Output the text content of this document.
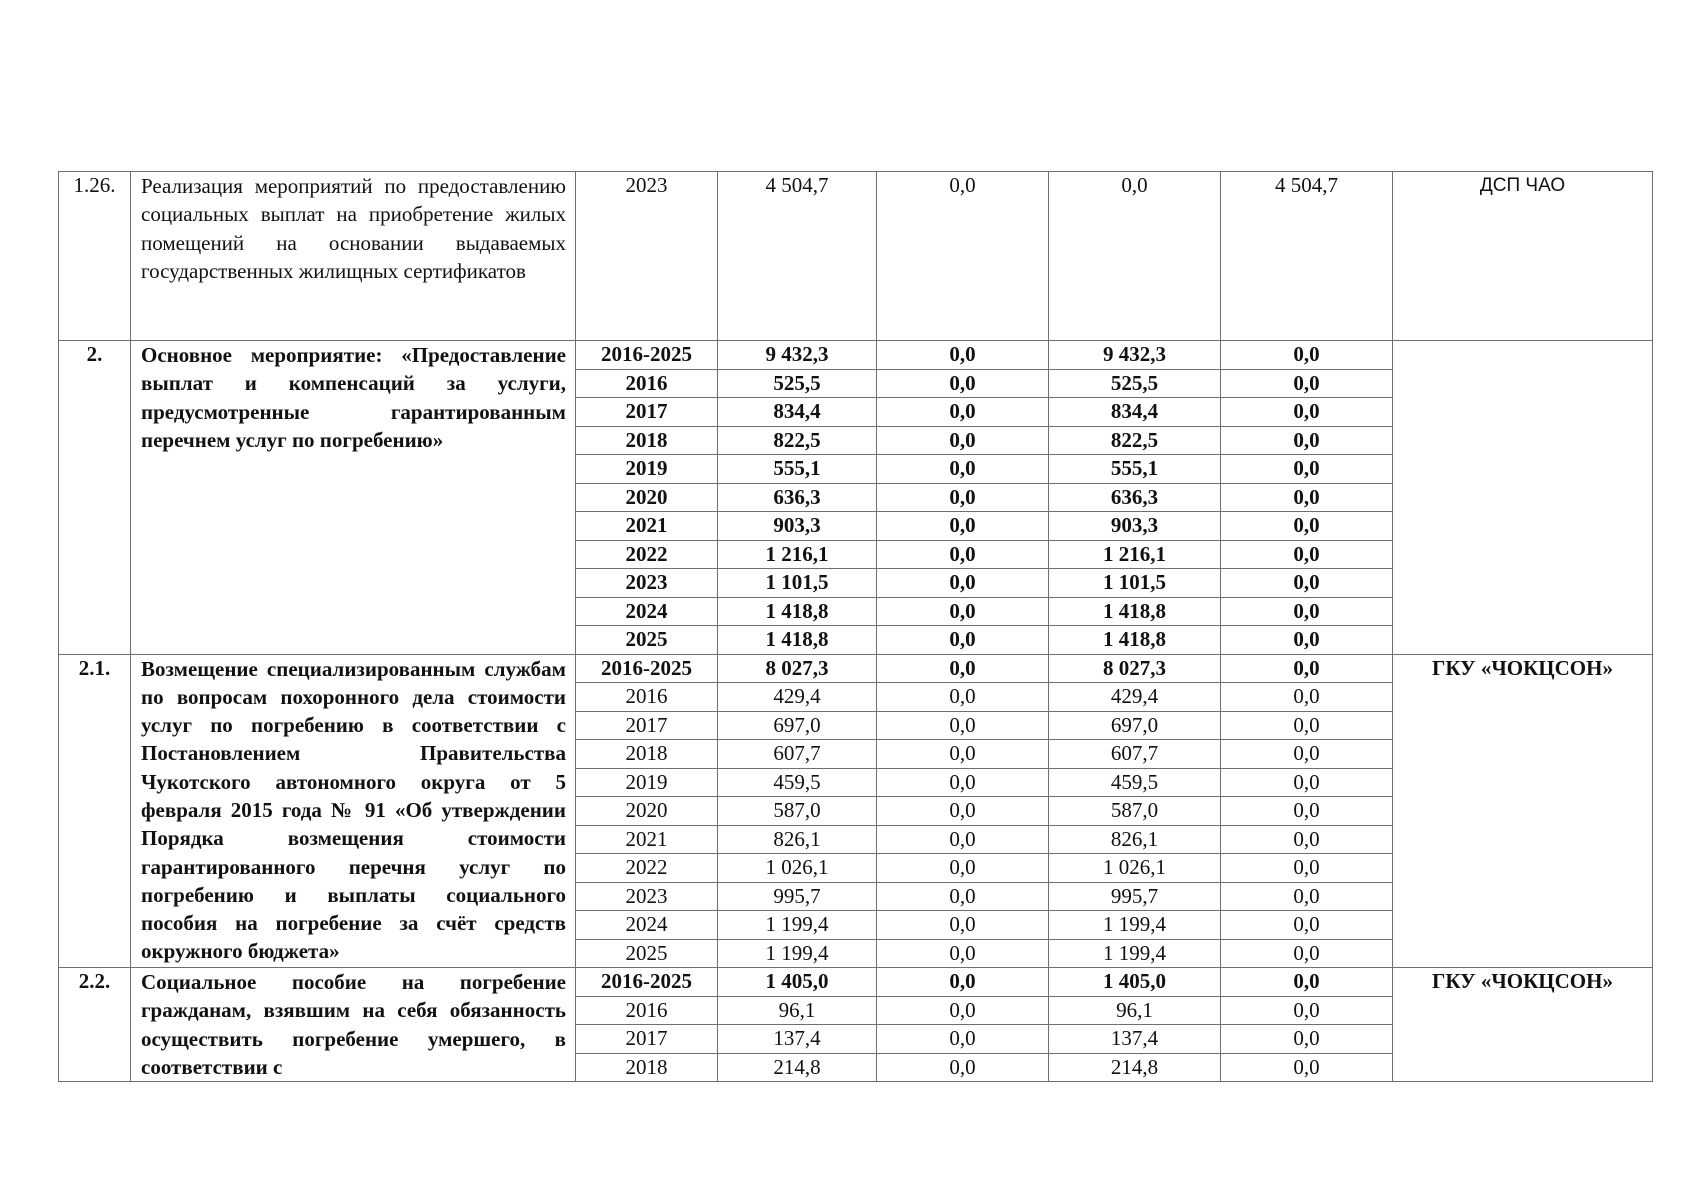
1.26.	Реализация мероприятий по предоставлению социальных выплат на приобретение жилых помещений на основании выдаваемых государственных жилищных сертификатов	2023	4 504,7	0,0	0,0	4 504,7	ДСП ЧАО
2.	Основное мероприятие: «Предоставление выплат и компенсаций за услуги, предусмотренные гарантированным перечнем услуг по погребению»	2016-2025	9 432,3	0,0	9 432,3	0,0	
		2016	525,5	0,0	525,5	0,0	
		2017	834,4	0,0	834,4	0,0	
		2018	822,5	0,0	822,5	0,0	
		2019	555,1	0,0	555,1	0,0	
		2020	636,3	0,0	636,3	0,0	
		2021	903,3	0,0	903,3	0,0	
		2022	1 216,1	0,0	1 216,1	0,0	
		2023	1 101,5	0,0	1 101,5	0,0	
		2024	1 418,8	0,0	1 418,8	0,0	
		2025	1 418,8	0,0	1 418,8	0,0	
2.1.	Возмещение специализированным службам по вопросам похоронного дела стоимости услуг по погребению в соответствии с Постановлением Правительства Чукотского автономного округа от 5 февраля 2015 года № 91 «Об утверждении Порядка возмещения стоимости гарантированного перечня услуг по погребению и выплаты социального пособия на погребение за счёт средств окружного бюджета»	2016-2025	8 027,3	0,0	8 027,3	0,0	ГКУ «ЧОКЦСОН»
		2016	429,4	0,0	429,4	0,0	
		2017	697,0	0,0	697,0	0,0	
		2018	607,7	0,0	607,7	0,0	
		2019	459,5	0,0	459,5	0,0	
		2020	587,0	0,0	587,0	0,0	
		2021	826,1	0,0	826,1	0,0	
		2022	1 026,1	0,0	1 026,1	0,0	
		2023	995,7	0,0	995,7	0,0	
		2024	1 199,4	0,0	1 199,4	0,0	
		2025	1 199,4	0,0	1 199,4	0,0	
2.2.	Социальное пособие на погребение гражданам, взявшим на себя обязанность осуществить погребение умершего, в соответствии с	2016-2025	1 405,0	0,0	1 405,0	0,0	ГКУ «ЧОКЦСОН»
		2016	96,1	0,0	96,1	0,0	
		2017	137,4	0,0	137,4	0,0	
		2018	214,8	0,0	214,8	0,0	
